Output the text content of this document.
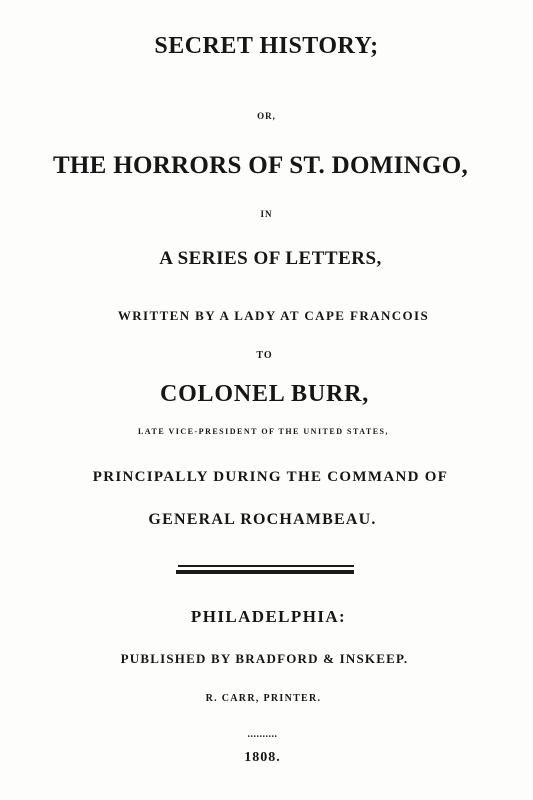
SECRET HISTORY;
OR,
THE HORRORS OF ST. DOMINGO,
IN
A SERIES OF LETTERS,
WRITTEN BY A LADY AT CAPE FRANCOIS
TO
COLONEL BURR,
LATE VICE-PRESIDENT OF THE UNITED STATES,
PRINCIPALLY DURING THE COMMAND OF
GENERAL ROCHAMBEAU.
PHILADELPHIA:
PUBLISHED BY BRADFORD & INSKEEP.
R. CARR, PRINTER.
..........
1808.
